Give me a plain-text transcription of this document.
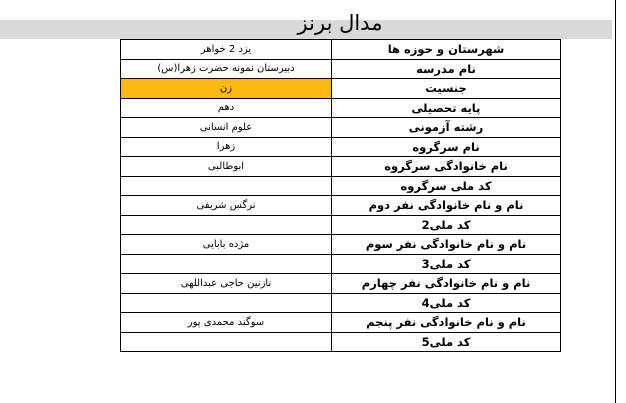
مدال برنز
یزد 2 خواهر	شهرستان و حوزه ها
دبیرستان نمونه حضرت زهرا(س)	نام مدرسه
زن	جنسیت
دهم	پایه تحصیلی
علوم انسانی	رشته آزمونی
زهرا	نام سرگروه
ابوطالبی	نام خانوادگی سرگروه
	کد ملی سرگروه
نرگس شریفی	نام و نام خانوادگی نفر دوم
	کد ملی2
مژده بابایی	نام و نام خانوادگی نفر سوم
	کد ملی3
نازنین حاجی عبداللهی	نام و نام خانوادگی نفر چهارم
	کد ملی4
سوگند محمدی پور	نام و نام خانوادگی نفر پنجم
	کد ملی5
